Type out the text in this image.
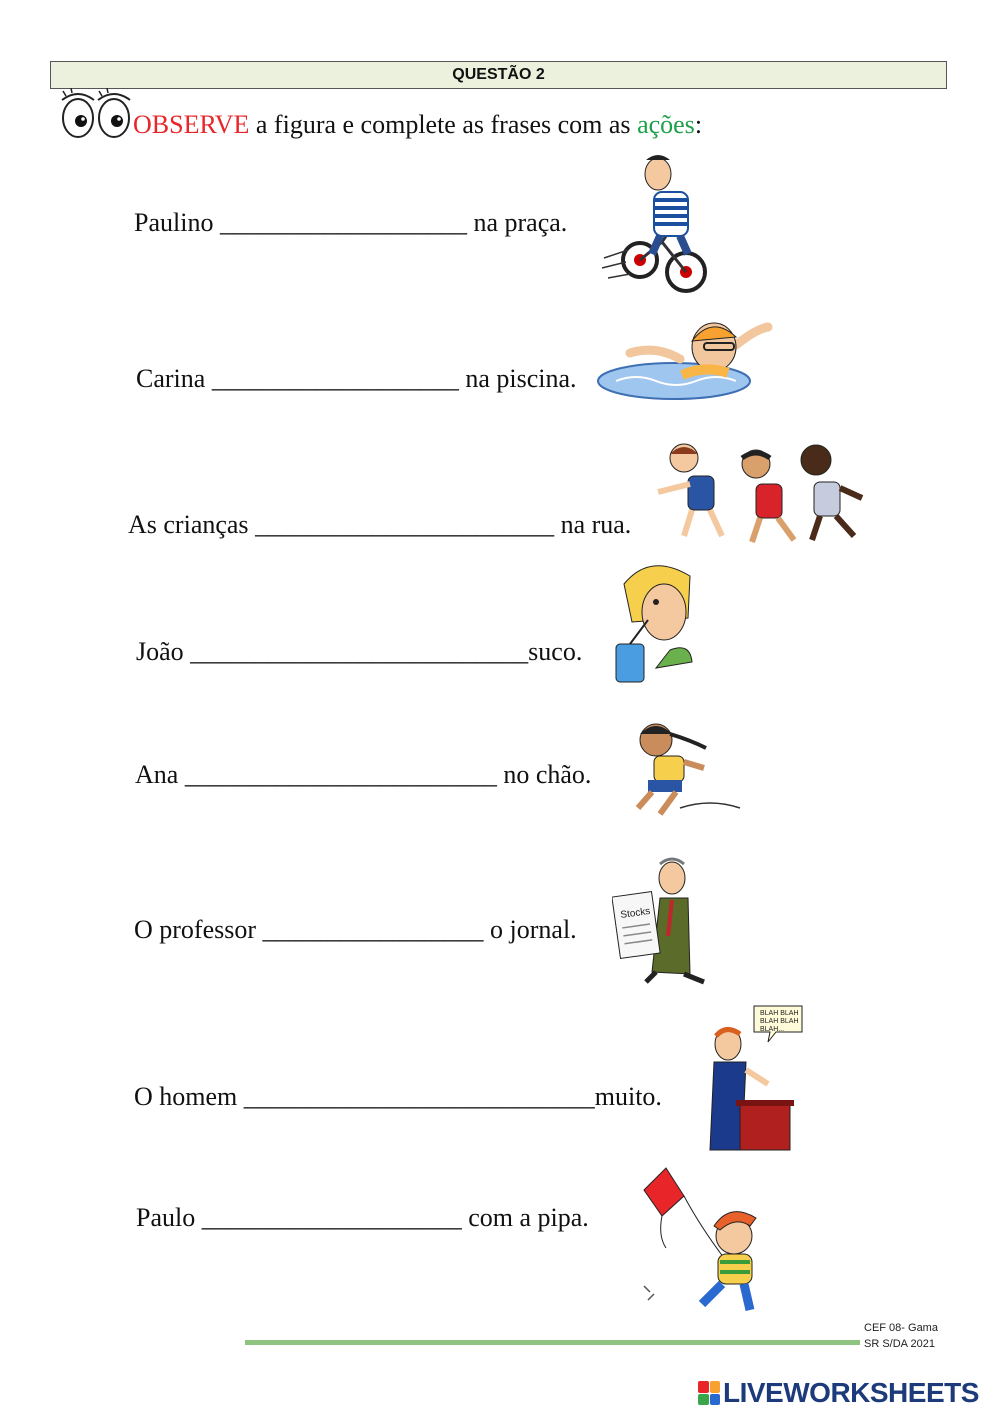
QUESTÃO 2
OBSERVE a figura e complete as frases com as ações:
Paulino ___________________ na praça.
Carina ___________________ na piscina.
As crianças _______________________ na rua.
João __________________________suco.
Ana ________________________ no chão.
O professor _________________ o jornal.
Stocks
O homem ___________________________muito.
BLAH BLAH
BLAH BLAH
BLAH...
Paulo ____________________ com a pipa.
CEF 08- Gama
SR S/DA 2021
LIVEWORKSHEETS
